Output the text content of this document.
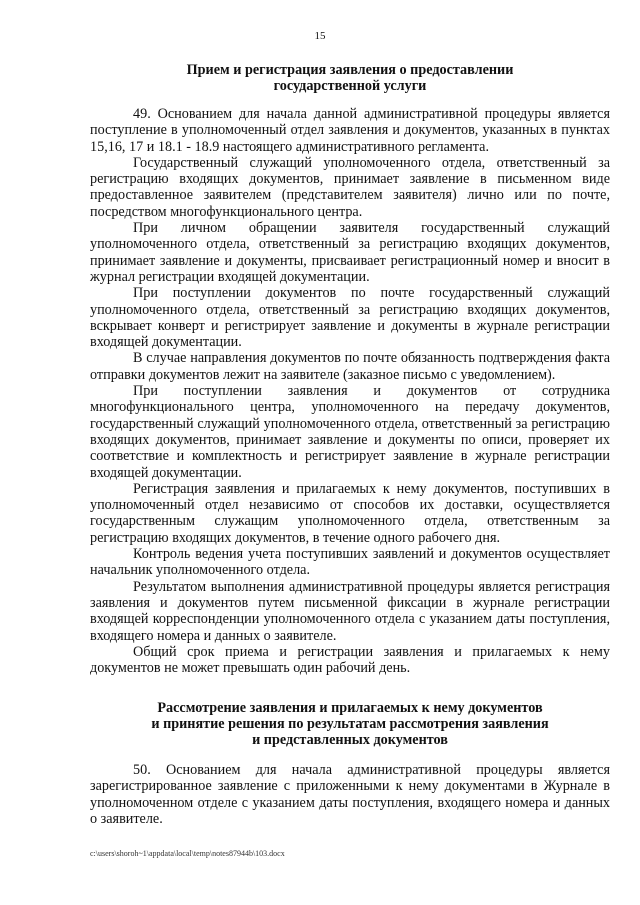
15
Прием и регистрация заявления о предоставлении
государственной услуги

49. Основанием для начала данной административной процедуры является поступление в уполномоченный отдел заявления и документов, указанных в пунктах 15,16, 17 и 18.1 - 18.9 настоящего административного регламента.

Государственный служащий уполномоченного отдела, ответственный за регистрацию входящих документов, принимает заявление в письменном виде предоставленное заявителем (представителем заявителя) лично или по почте, посредством многофункционального центра.

При личном обращении заявителя государственный служащий уполномоченного отдела, ответственный за регистрацию входящих документов, принимает заявление и документы, присваивает регистрационный номер и вносит в журнал регистрации входящей документации.

При поступлении документов по почте государственный служащий уполномоченного отдела, ответственный за регистрацию входящих документов, вскрывает конверт и регистрирует заявление и документы в журнале регистрации входящей документации.

В случае направления документов по почте обязанность подтверждения факта отправки документов лежит на заявителе (заказное письмо с уведомлением).

При поступлении заявления и документов от сотрудника многофункционального центра, уполномоченного на передачу документов, государственный служащий уполномоченного отдела, ответственный за регистрацию входящих документов, принимает заявление и документы по описи, проверяет их соответствие и комплектность и регистрирует заявление в журнале регистрации входящей документации.

Регистрация заявления и прилагаемых к нему документов, поступивших в уполномоченный отдел независимо от способов их доставки, осуществляется государственным служащим уполномоченного отдела, ответственным за регистрацию входящих документов, в течение одного рабочего дня.

Контроль ведения учета поступивших заявлений и документов осуществляет начальник уполномоченного отдела.

Результатом выполнения административной процедуры является регистрация заявления и документов путем письменной фиксации в журнале регистрации входящей корреспонденции уполномоченного отдела с указанием даты поступления, входящего номера и данных о заявителе.

Общий срок приема и регистрации заявления и прилагаемых к нему документов не может превышать один рабочий день.

Рассмотрение заявления и прилагаемых к нему документов
и принятие решения по результатам рассмотрения заявления
и представленных документов

50. Основанием для начала административной процедуры является зарегистрированное заявление с приложенными к нему документами в Журнале в уполномоченном отделе с указанием даты поступления, входящего номера и данных о заявителе.

c:\users\shoroh~1\appdata\local\temp\notes87944b\103.docx
